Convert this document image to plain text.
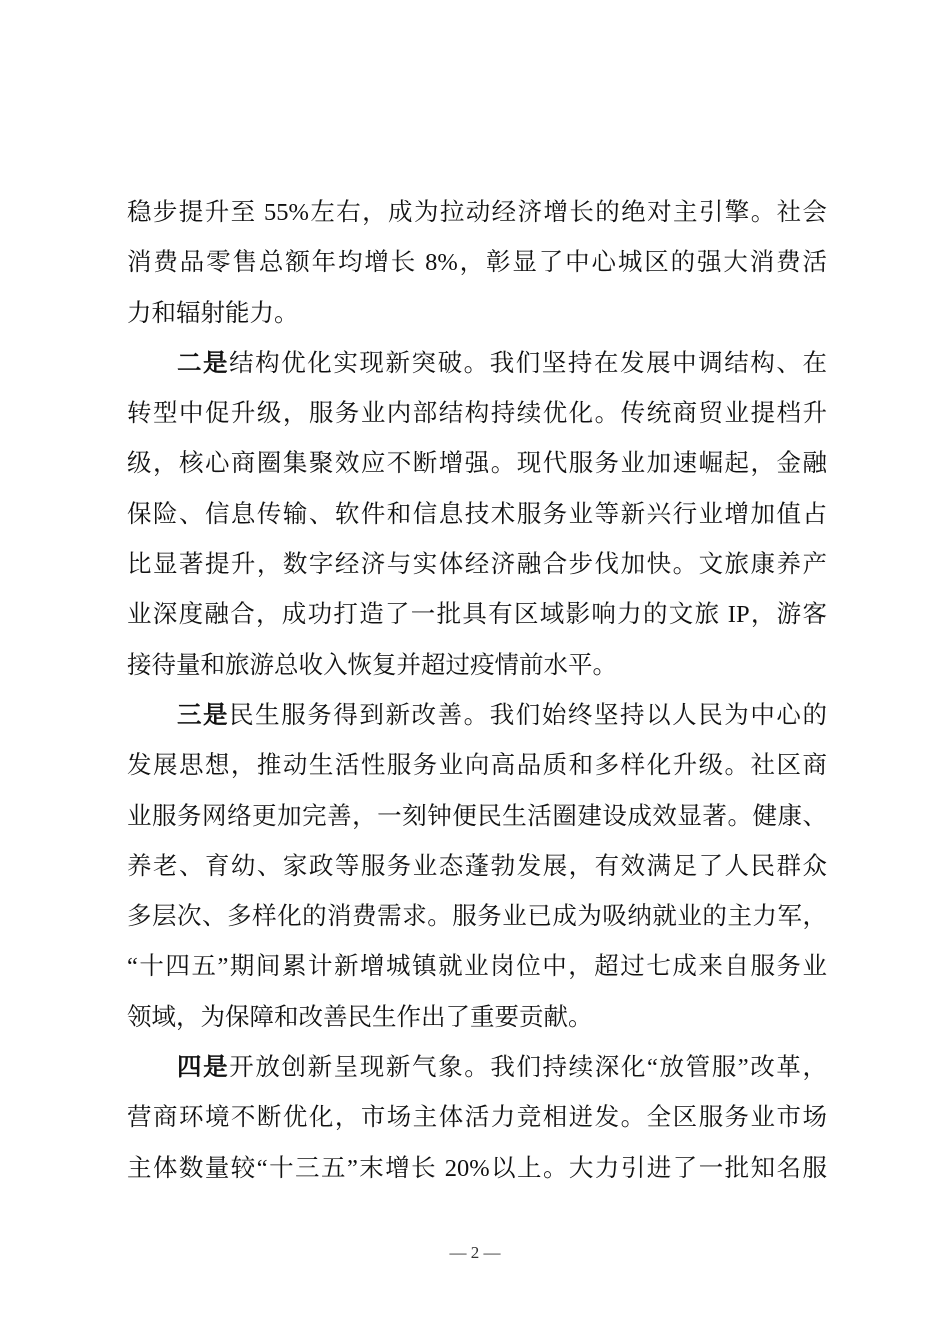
稳步提升至 55%左右，成为拉动经济增长的绝对主引擎。社会
消费品零售总额年均增长 8%，彰显了中心城区的强大消费活
力和辐射能力。
二是结构优化实现新突破。我们坚持在发展中调结构、在
转型中促升级，服务业内部结构持续优化。传统商贸业提档升
级，核心商圈集聚效应不断增强。现代服务业加速崛起，金融
保险、信息传输、软件和信息技术服务业等新兴行业增加值占
比显著提升，数字经济与实体经济融合步伐加快。文旅康养产
业深度融合，成功打造了一批具有区域影响力的文旅 IP，游客
接待量和旅游总收入恢复并超过疫情前水平。
三是民生服务得到新改善。我们始终坚持以人民为中心的
发展思想，推动生活性服务业向高品质和多样化升级。社区商
业服务网络更加完善，一刻钟便民生活圈建设成效显著。健康、
养老、育幼、家政等服务业态蓬勃发展，有效满足了人民群众
多层次、多样化的消费需求。服务业已成为吸纳就业的主力军，
“十四五”期间累计新增城镇就业岗位中，超过七成来自服务业
领域，为保障和改善民生作出了重要贡献。
四是开放创新呈现新气象。我们持续深化“放管服”改革，
营商环境不断优化，市场主体活力竞相迸发。全区服务业市场
主体数量较“十三五”末增长 20%以上。大力引进了一批知名服
— 2 —
